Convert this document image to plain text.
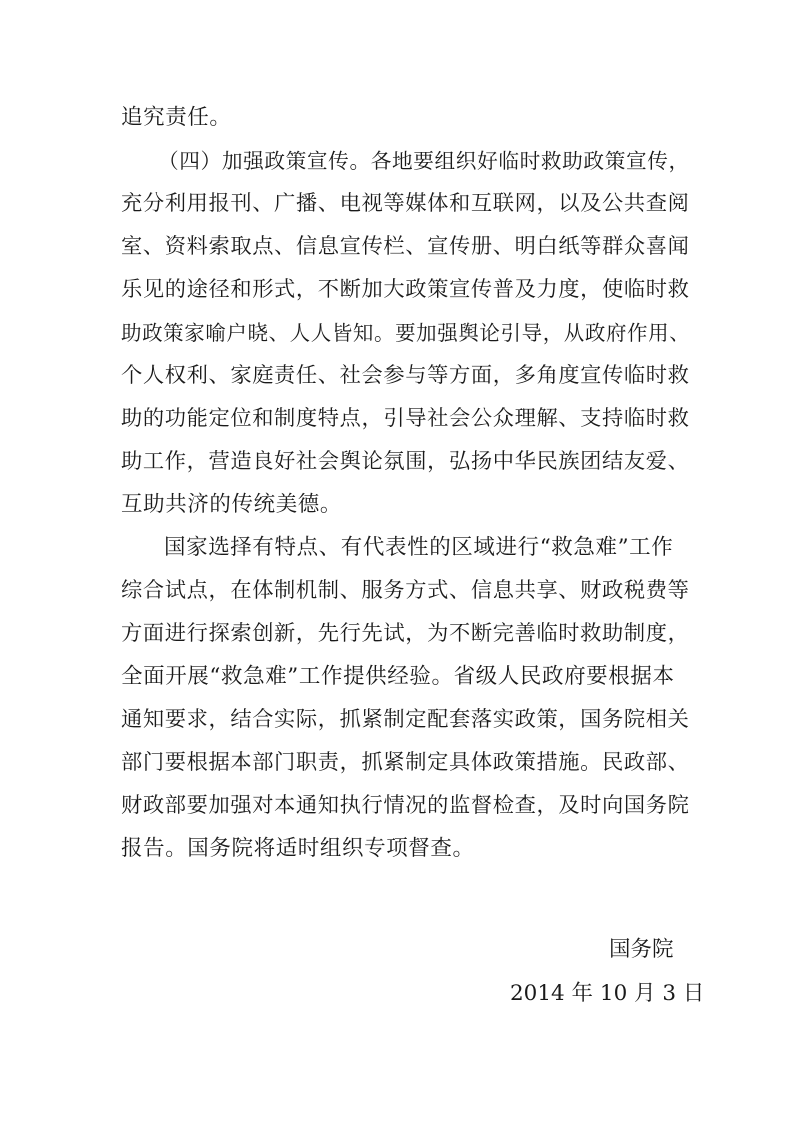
追究责任。
（四）加强政策宣传。各地要组织好临时救助政策宣传，
充分利用报刊、广播、电视等媒体和互联网，以及公共查阅
室、资料索取点、信息宣传栏、宣传册、明白纸等群众喜闻
乐见的途径和形式，不断加大政策宣传普及力度，使临时救
助政策家喻户晓、人人皆知。要加强舆论引导，从政府作用、
个人权利、家庭责任、社会参与等方面，多角度宣传临时救
助的功能定位和制度特点，引导社会公众理解、支持临时救
助工作，营造良好社会舆论氛围，弘扬中华民族团结友爱、
互助共济的传统美德。
国家选择有特点、有代表性的区域进行“救急难”工作
综合试点，在体制机制、服务方式、信息共享、财政税费等
方面进行探索创新，先行先试，为不断完善临时救助制度，
全面开展“救急难”工作提供经验。省级人民政府要根据本
通知要求，结合实际，抓紧制定配套落实政策，国务院相关
部门要根据本部门职责，抓紧制定具体政策措施。民政部、
财政部要加强对本通知执行情况的监督检查，及时向国务院
报告。国务院将适时组织专项督查。
国务院
2014 年 10 月 3 日
